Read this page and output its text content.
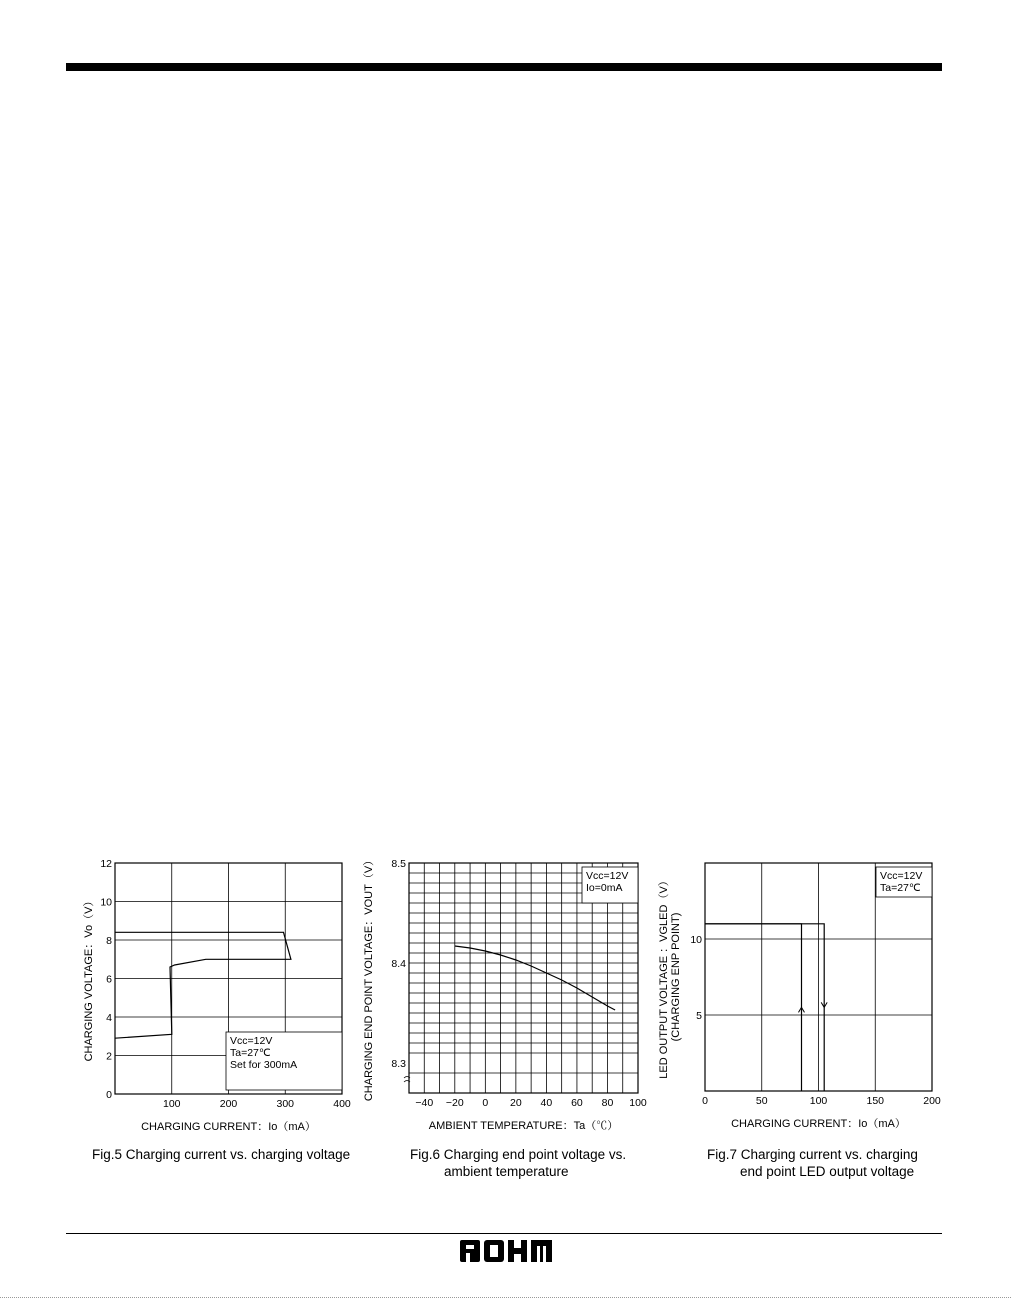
100	200	300	400
0
2
4
6
8
10
12
CHARGING CURRENT：Io（mA）
CHARGING VOLTAGE：Vo（V）	Vcc=12V
Ta=27℃
Set for 300mA
Fig.5 Charging current vs. charging voltage
−40 −20 0 20 40 60 80 100
8.3
8.4
8.5
AMBIENT TEMPERATURE：Ta（℃）
CHARGING END POINT VOLTAGE：VOUT（V）	Vcc=12V
Io=0mA
Fig.6 Charging end point voltage vs.
ambient temperature
0	50	100	150	200
5
10
CHARGING CURRENT：Io（mA）
LED OUTPUT VOLTAGE ：VGLED（V） (CHARGING ENP POINT)
Vcc=12V
Ta=27℃
Fig.7 Charging current vs. charging
end point LED output voltage
